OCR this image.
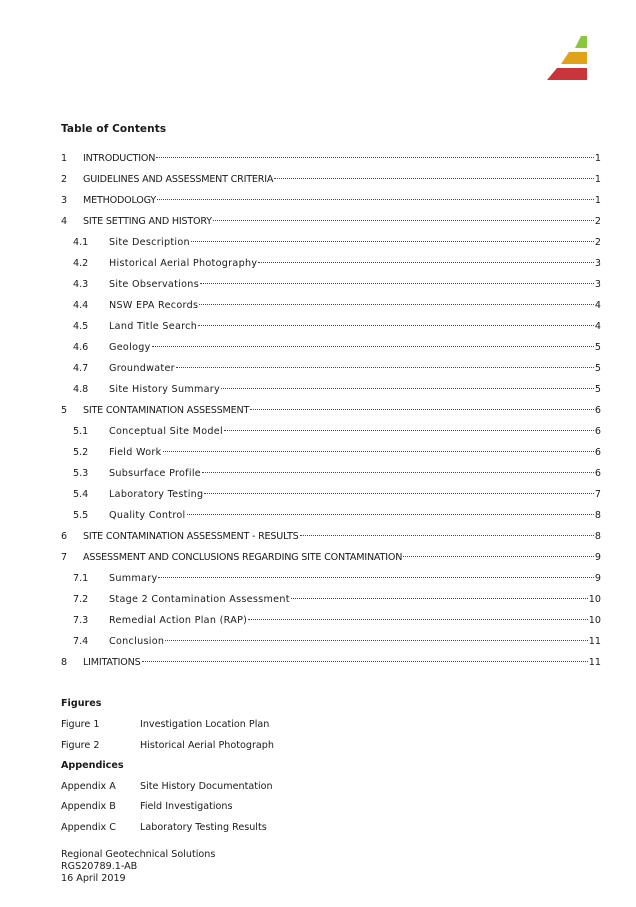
Table of Contents
1	INTRODUCTION	1
2	GUIDELINES AND ASSESSMENT CRITERIA	1
3	METHODOLOGY	1
4	SITE SETTING AND HISTORY	2
4.1	Site Description	2
4.2	Historical Aerial Photography	3
4.3	Site Observations	3
4.4	NSW EPA Records	4
4.5	Land Title Search	4
4.6	Geology	5
4.7	Groundwater	5
4.8	Site History Summary	5
5	SITE CONTAMINATION ASSESSMENT	6
5.1	Conceptual Site Model	6
5.2	Field Work	6
5.3	Subsurface Profile	6
5.4	Laboratory Testing	7
5.5	Quality Control	8
6	SITE CONTAMINATION ASSESSMENT - RESULTS	8
7	ASSESSMENT AND CONCLUSIONS REGARDING SITE CONTAMINATION	9
7.1	Summary	9
7.2	Stage 2 Contamination Assessment	10
7.3	Remedial Action Plan (RAP)	10
7.4	Conclusion	11
8	LIMITATIONS	11
Figures
Figure 1	Investigation Location Plan
Figure 2	Historical Aerial Photograph
Appendices
Appendix A	Site History Documentation
Appendix B	Field Investigations
Appendix C	Laboratory Testing Results
Regional Geotechnical Solutions
RGS20789.1-AB
16 April 2019
